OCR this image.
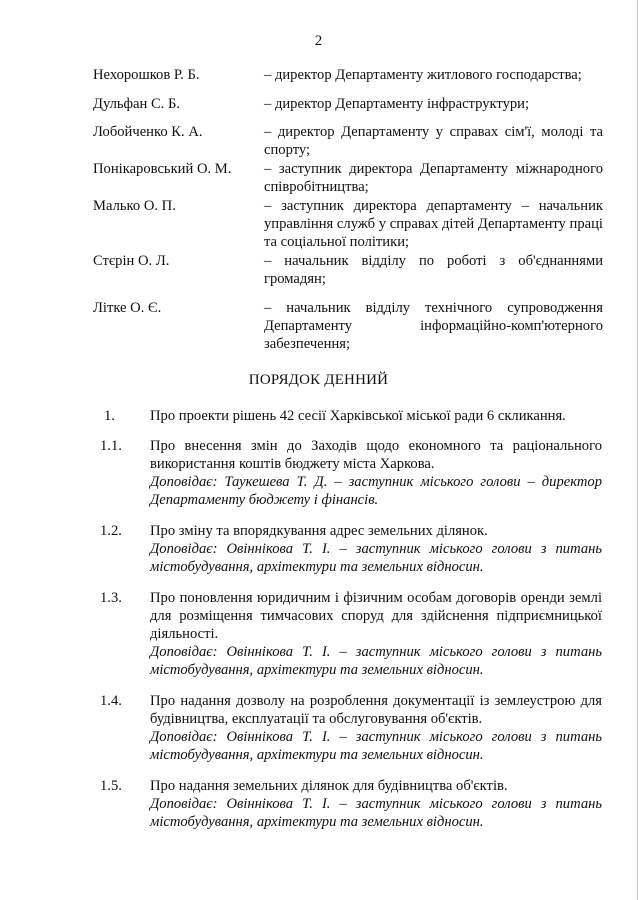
2
Нехорошков Р. Б.	– директор Департаменту житлового господарства;
Дульфан С. Б.	– директор Департаменту інфраструктури;
Лобойченко К. А.	– директор Департаменту у справах сім'ї, молоді та спорту;
Понікаровський О. М.	– заступник директора Департаменту міжнародного співробітництва;
Малько О. П.	– заступник директора департаменту – начальник управління служб у справах дітей Департаменту праці та соціальної політики;
Стєрін О. Л.	– начальник відділу по роботі з об'єднаннями громадян;
Літке О. Є.	– начальник відділу технічного супроводження Департаменту інформаційно-комп'ютерного забезпечення;
ПОРЯДОК ДЕННИЙ
1.	Про проекти рішень 42 сесії Харківської міської ради 6 скликання.
1.1.	Про внесення змін до Заходів щодо економного та раціонального використання коштів бюджету міста Харкова.
Доповідає: Таукешева Т. Д. – заступник міського голови – директор Департаменту бюджету і фінансів.
1.2.	Про зміну та впорядкування адрес земельних ділянок.
Доповідає: Овіннікова Т. І. – заступник міського голови з питань містобудування, архітектури та земельних відносин.
1.3.	Про поновлення юридичним і фізичним особам договорів оренди землі для розміщення тимчасових споруд для здійснення підприємницької діяльності.
Доповідає: Овіннікова Т. І. – заступник міського голови з питань містобудування, архітектури та земельних відносин.
1.4.	Про надання дозволу на розроблення документації із землеустрою для будівництва, експлуатації та обслуговування об'єктів.
Доповідає: Овіннікова Т. І. – заступник міського голови з питань містобудування, архітектури та земельних відносин.
1.5.	Про надання земельних ділянок для будівництва об'єктів.
Доповідає: Овіннікова Т. І. – заступник міського голови з питань містобудування, архітектури та земельних відносин.
